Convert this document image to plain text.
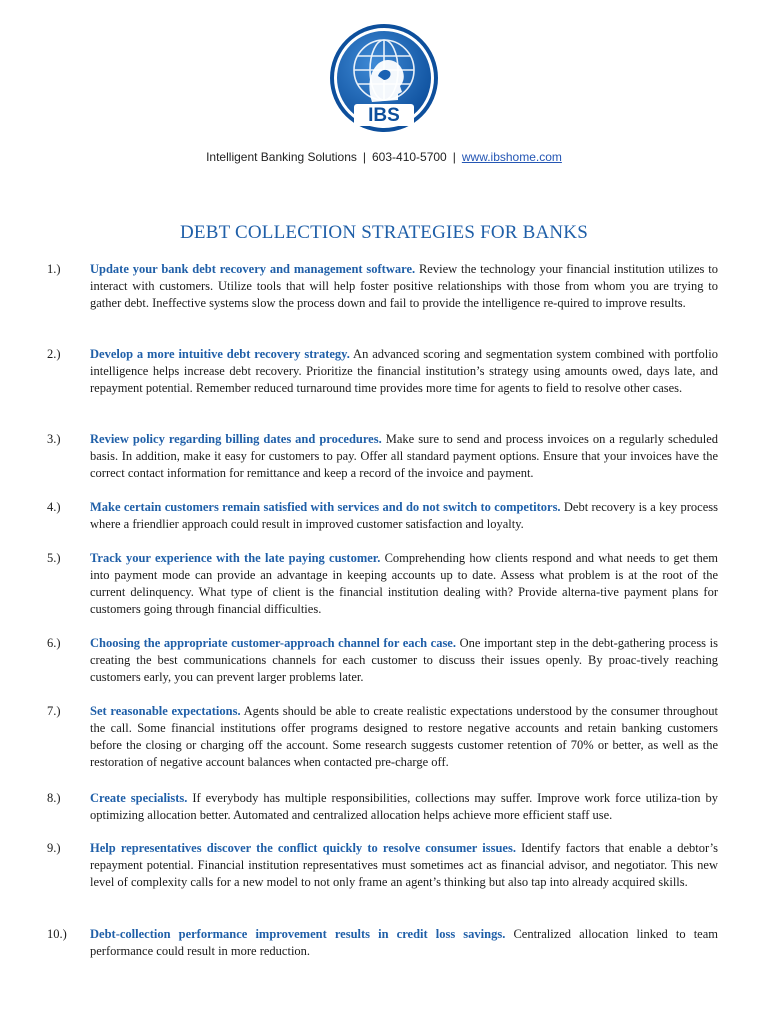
IBS
Intelligent Banking Solutions | 603-410-5700 | www.ibshome.com
DEBT COLLECTION STRATEGIES FOR BANKS
1.) Update your bank debt recovery and management software. Review the technology your financial institution utilizes to interact with customers. Utilize tools that will help foster positive relationships with those from whom you are trying to gather debt. Ineffective systems slow the process down and fail to provide the intelligence re-quired to improve results.
2.) Develop a more intuitive debt recovery strategy. An advanced scoring and segmentation system combined with portfolio intelligence helps increase debt recovery. Prioritize the financial institution’s strategy using amounts owed, days late, and repayment potential. Remember reduced turnaround time provides more time for agents to field to resolve other cases.
3.) Review policy regarding billing dates and procedures. Make sure to send and process invoices on a regularly scheduled basis. In addition, make it easy for customers to pay. Offer all standard payment options. Ensure that your invoices have the correct contact information for remittance and keep a record of the invoice and payment.
4.) Make certain customers remain satisfied with services and do not switch to competitors. Debt recovery is a key process where a friendlier approach could result in improved customer satisfaction and loyalty.
5.) Track your experience with the late paying customer. Comprehending how clients respond and what needs to get them into payment mode can provide an advantage in keeping accounts up to date. Assess what problem is at the root of the current delinquency. What type of client is the financial institution dealing with? Provide alterna-tive payment plans for customers going through financial difficulties.
6.) Choosing the appropriate customer-approach channel for each case. One important step in the debt-gathering process is creating the best communications channels for each customer to discuss their issues openly. By proac-tively reaching customers early, you can prevent larger problems later.
7.) Set reasonable expectations. Agents should be able to create realistic expectations understood by the consumer throughout the call. Some financial institutions offer programs designed to restore negative accounts and retain banking customers before the closing or charging off the account. Some research suggests customer retention of 70% or better, as well as the restoration of negative account balances when contacted pre-charge off.
8.) Create specialists. If everybody has multiple responsibilities, collections may suffer. Improve work force utiliza-tion by optimizing allocation better. Automated and centralized allocation helps achieve more efficient staff use.
9.) Help representatives discover the conflict quickly to resolve consumer issues. Identify factors that enable a debtor’s repayment potential. Financial institution representatives must sometimes act as financial advisor, and negotiator. This new level of complexity calls for a new model to not only frame an agent’s thinking but also tap into already acquired skills.
10.) Debt-collection performance improvement results in credit loss savings. Centralized allocation linked to team performance could result in more reduction.
